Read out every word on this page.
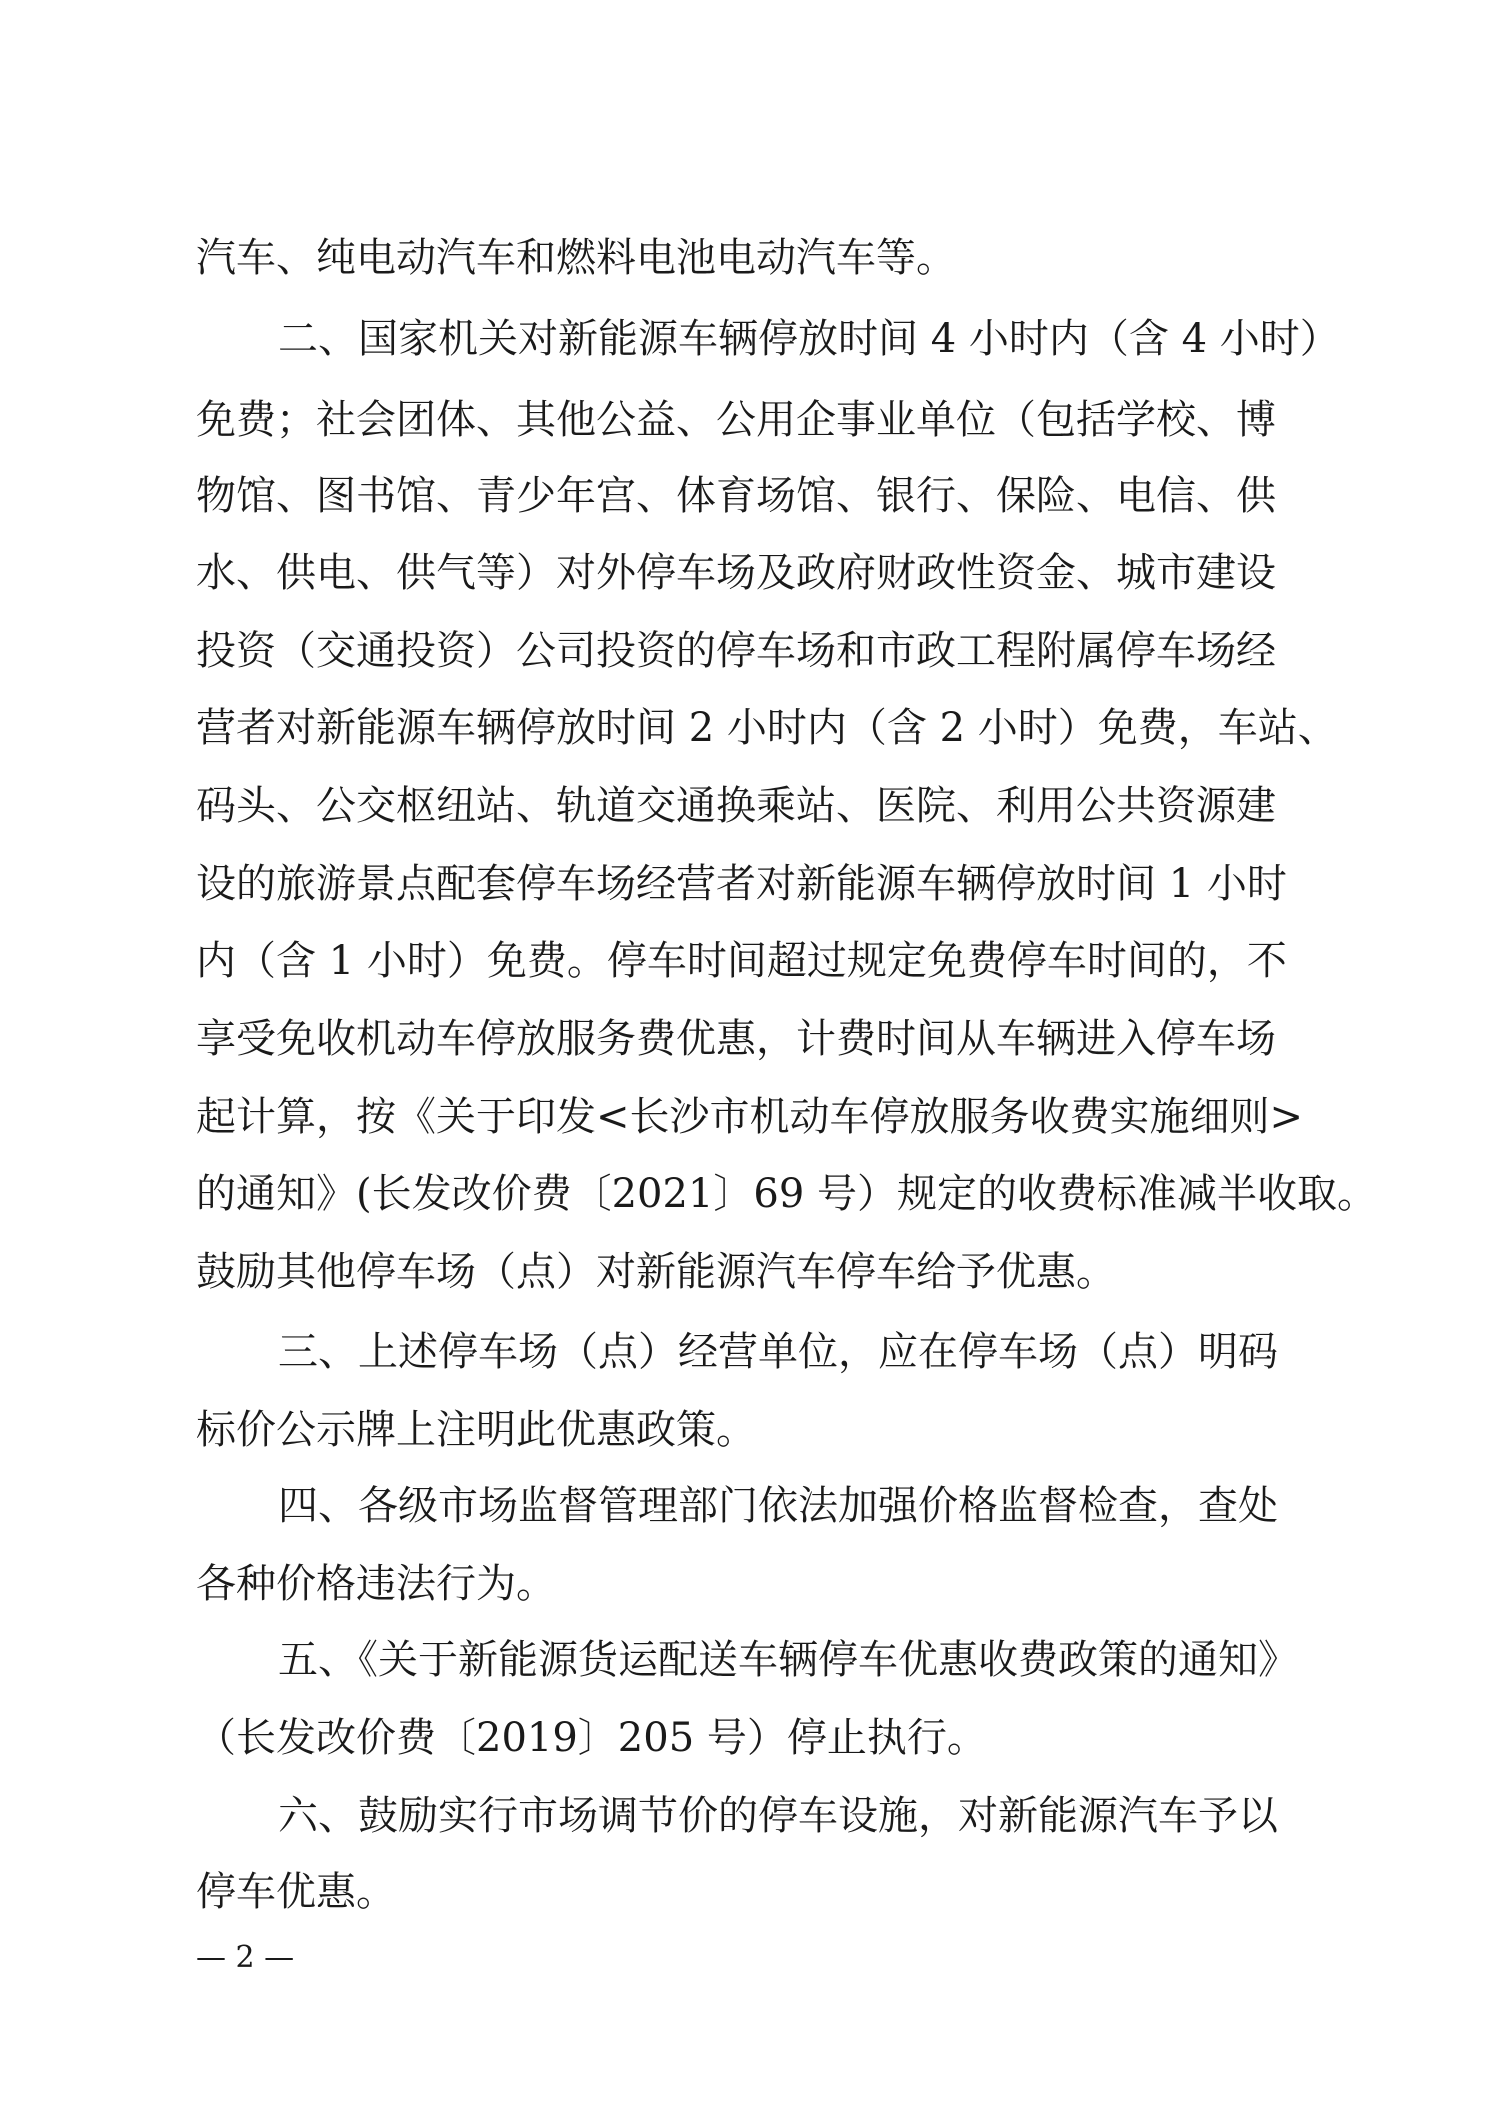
汽车、纯电动汽车和燃料电池电动汽车等。
二、国家机关对新能源车辆停放时间 4 小时内（含 4 小时）
免费；社会团体、其他公益、公用企事业单位（包括学校、博
物馆、图书馆、青少年宫、体育场馆、银行、保险、电信、供
水、供电、供气等）对外停车场及政府财政性资金、城市建设
投资（交通投资）公司投资的停车场和市政工程附属停车场经
营者对新能源车辆停放时间 2 小时内（含 2 小时）免费，车站、
码头、公交枢纽站、轨道交通换乘站、医院、利用公共资源建
设的旅游景点配套停车场经营者对新能源车辆停放时间 1 小时
内（含 1 小时）免费。停车时间超过规定免费停车时间的，不
享受免收机动车停放服务费优惠，计费时间从车辆进入停车场
起计算，按《关于印发<长沙市机动车停放服务收费实施细则>
的通知》(长发改价费〔2021〕69 号）规定的收费标准减半收取。
鼓励其他停车场（点）对新能源汽车停车给予优惠。
三、上述停车场（点）经营单位，应在停车场（点）明码
标价公示牌上注明此优惠政策。
四、各级市场监督管理部门依法加强价格监督检查，查处
各种价格违法行为。
五、《关于新能源货运配送车辆停车优惠收费政策的通知》
（长发改价费〔2019〕205 号）停止执行。
六、鼓励实行市场调节价的停车设施，对新能源汽车予以
停车优惠。
— 2 —
